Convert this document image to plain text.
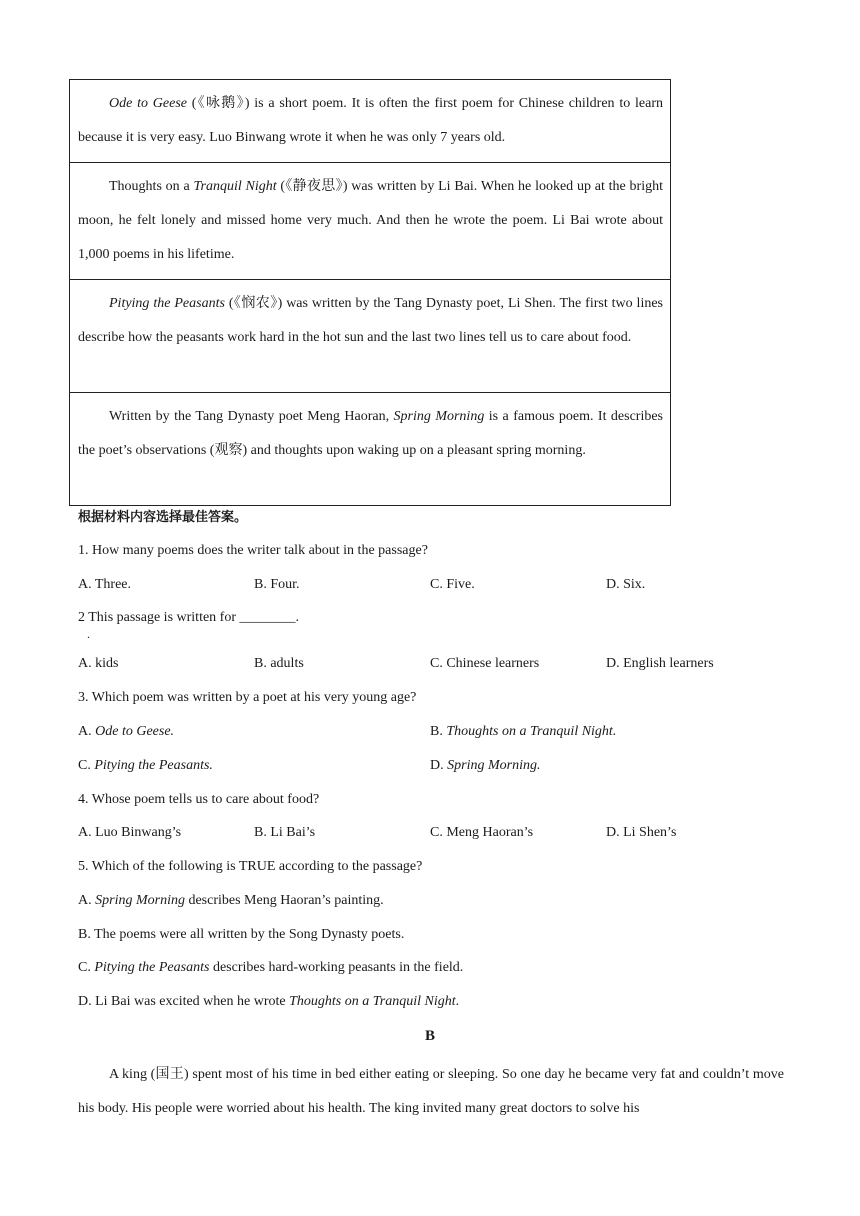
Ode to Geese (《咏鹅》) is a short poem. It is often the first poem for Chinese children to learn because it is very easy. Luo Binwang wrote it when he was only 7 years old.

Thoughts on a Tranquil Night (《静夜思》) was written by Li Bai. When he looked up at the bright moon, he felt lonely and missed home very much. And then he wrote the poem. Li Bai wrote about 1,000 poems in his lifetime.

Pitying the Peasants (《悯农》) was written by the Tang Dynasty poet, Li Shen. The first two lines describe how the peasants work hard in the hot sun and the last two lines tell us to care about food.

Written by the Tang Dynasty poet Meng Haoran, Spring Morning is a famous poem. It describes the poet’s observations (观察) and thoughts upon waking up on a pleasant spring morning.
根据材料内容选择最佳答案。
1. How many poems does the writer talk about in the passage?
A. Three.	B. Four.	C. Five.	D. Six.
2 This passage is written for ________.
.
A. kids	B. adults	C. Chinese learners	D. English learners
3. Which poem was written by a poet at his very young age?
A. Ode to Geese.	B. Thoughts on a Tranquil Night.
C. Pitying the Peasants.	D. Spring Morning.
4. Whose poem tells us to care about food?
A. Luo Binwang’s	B. Li Bai’s	C. Meng Haoran’s	D. Li Shen’s
5. Which of the following is TRUE according to the passage?
A. Spring Morning describes Meng Haoran’s painting.
B. The poems were all written by the Song Dynasty poets.
C. Pitying the Peasants describes hard-working peasants in the field.
D. Li Bai was excited when he wrote Thoughts on a Tranquil Night.
B
A king (国王) spent most of his time in bed either eating or sleeping. So one day he became very fat and couldn’t move his body. His people were worried about his health. The king invited many great doctors to solve his
